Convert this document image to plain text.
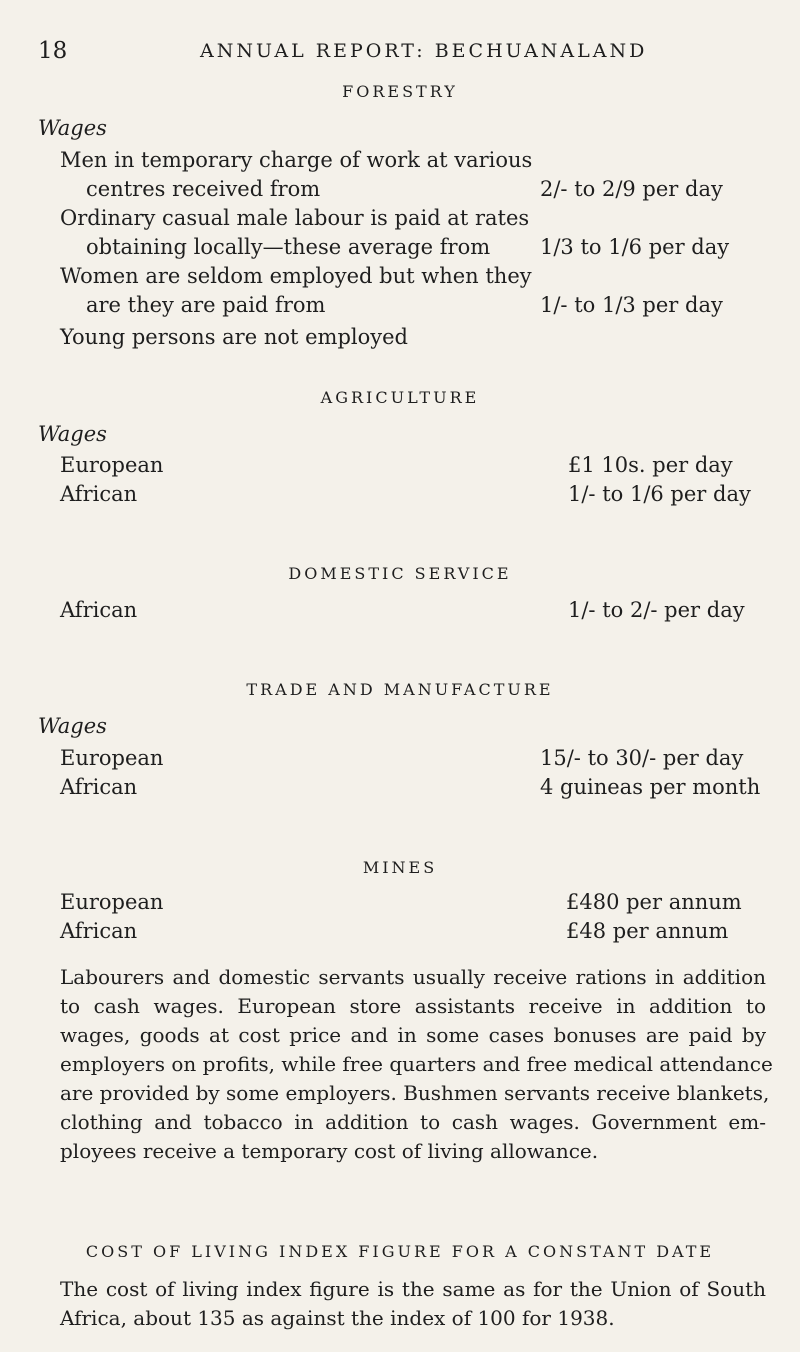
18	ANNUAL REPORT: BECHUANALAND
FORESTRY
Wages
Men in temporary charge of work at various
centres received from	2/- to 2/9 per day
Ordinary casual male labour is paid at rates
obtaining locally—these average from 1/3 to 1/6 per day
Women are seldom employed but when they
are they are paid from	1/- to 1/3 per day
Young persons are not employed
AGRICULTURE
Wages
European	£1 10s. per day
African	1/- to 1/6 per day
DOMESTIC SERVICE
African	1/- to 2/- per day
TRADE AND MANUFACTURE
Wages
European	15/- to 30/- per day
African	4 guineas per month
MINES
European	£480 per annum
African	£48 per annum
Labourers and domestic servants usually receive rations in addition
to cash wages. European store assistants receive in addition to
wages, goods at cost price and in some cases bonuses are paid by
employers on profits, while free quarters and free medical attendance
are provided by some employers. Bushmen servants receive blankets,
clothing and tobacco in addition to cash wages. Government em-
ployees receive a temporary cost of living allowance.
COST OF LIVING INDEX FIGURE FOR A CONSTANT DATE
The cost of living index figure is the same as for the Union of South
Africa, about 135 as against the index of 100 for 1938.
